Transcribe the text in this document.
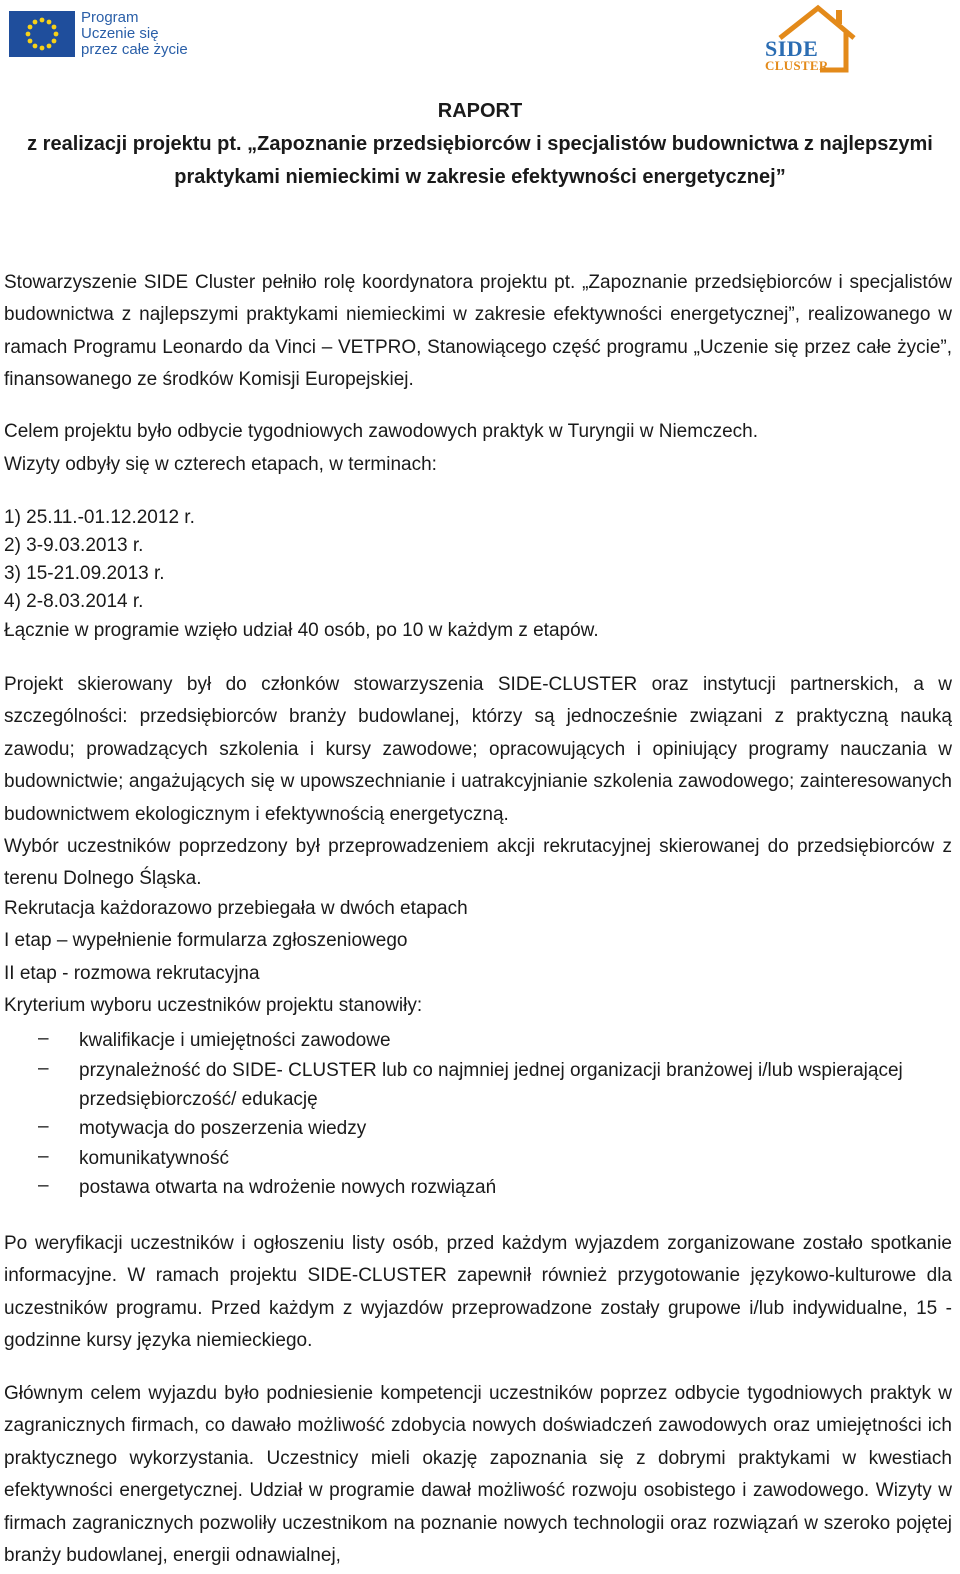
Program
Uczenie się
przez całe życie	SIDE
CLUSTER
RAPORT
z realizacji projektu pt. „Zapoznanie przedsiębiorców i specjalistów budownictwa z najlepszymi
praktykami niemieckimi w zakresie efektywności energetycznej”
Stowarzyszenie SIDE Cluster pełniło rolę koordynatora projektu pt. „Zapoznanie przedsiębiorców i specjalistów budownictwa z najlepszymi praktykami niemieckimi w zakresie efektywności energetycznej”, realizowanego w ramach Programu Leonardo da Vinci – VETPRO, Stanowiącego część programu „Uczenie się przez całe życie”, finansowanego ze środków Komisji Europejskiej.
Celem projektu było odbycie tygodniowych zawodowych praktyk w Turyngii w Niemczech.
Wizyty odbyły się w czterech etapach, w terminach:
1) 25.11.-01.12.2012 r.
2) 3-9.03.2013 r.
3) 15-21.09.2013 r.
4) 2-8.03.2014 r.
Łącznie w programie wzięło udział 40 osób, po 10 w każdym z etapów.
Projekt skierowany był do członków stowarzyszenia SIDE-CLUSTER oraz instytucji partnerskich, a w szczególności: przedsiębiorców branży budowlanej, którzy są jednocześnie związani z praktyczną nauką zawodu; prowadzących szkolenia i kursy zawodowe; opracowujących i opiniujący programy nauczania w budownictwie; angażujących się w upowszechnianie i uatrakcyjnianie szkolenia zawodowego; zainteresowanych budownictwem ekologicznym i efektywnością energetyczną.
Wybór uczestników poprzedzony był przeprowadzeniem akcji rekrutacyjnej skierowanej do przedsiębiorców z terenu Dolnego Śląska.
Rekrutacja każdorazowo przebiegała w dwóch etapach
I etap – wypełnienie formularza zgłoszeniowego
II etap - rozmowa rekrutacyjna
Kryterium wyboru uczestników projektu stanowiły:
– kwalifikacje i umiejętności zawodowe
– przynależność do SIDE- CLUSTER lub co najmniej jednej organizacji branżowej i/lub wspierającej przedsiębiorczość/ edukację
– motywacja do poszerzenia wiedzy
– komunikatywność
– postawa otwarta na wdrożenie nowych rozwiązań
Po weryfikacji uczestników i ogłoszeniu listy osób, przed każdym wyjazdem zorganizowane zostało spotkanie informacyjne. W ramach projektu SIDE-CLUSTER zapewnił również przygotowanie językowo-kulturowe dla uczestników programu. Przed każdym z wyjazdów przeprowadzone zostały grupowe i/lub indywidualne, 15 -godzinne kursy języka niemieckiego.
Głównym celem wyjazdu było podniesienie kompetencji uczestników poprzez odbycie tygodniowych praktyk w zagranicznych firmach, co dawało możliwość zdobycia nowych doświadczeń zawodowych oraz umiejętności ich praktycznego wykorzystania. Uczestnicy mieli okazję zapoznania się z dobrymi praktykami w kwestiach efektywności energetycznej. Udział w programie dawał możliwość rozwoju osobistego i zawodowego. Wizyty w firmach zagranicznych pozwoliły uczestnikom na poznanie nowych technologii oraz rozwiązań w szeroko pojętej branży budowlanej, energii odnawialnej,
